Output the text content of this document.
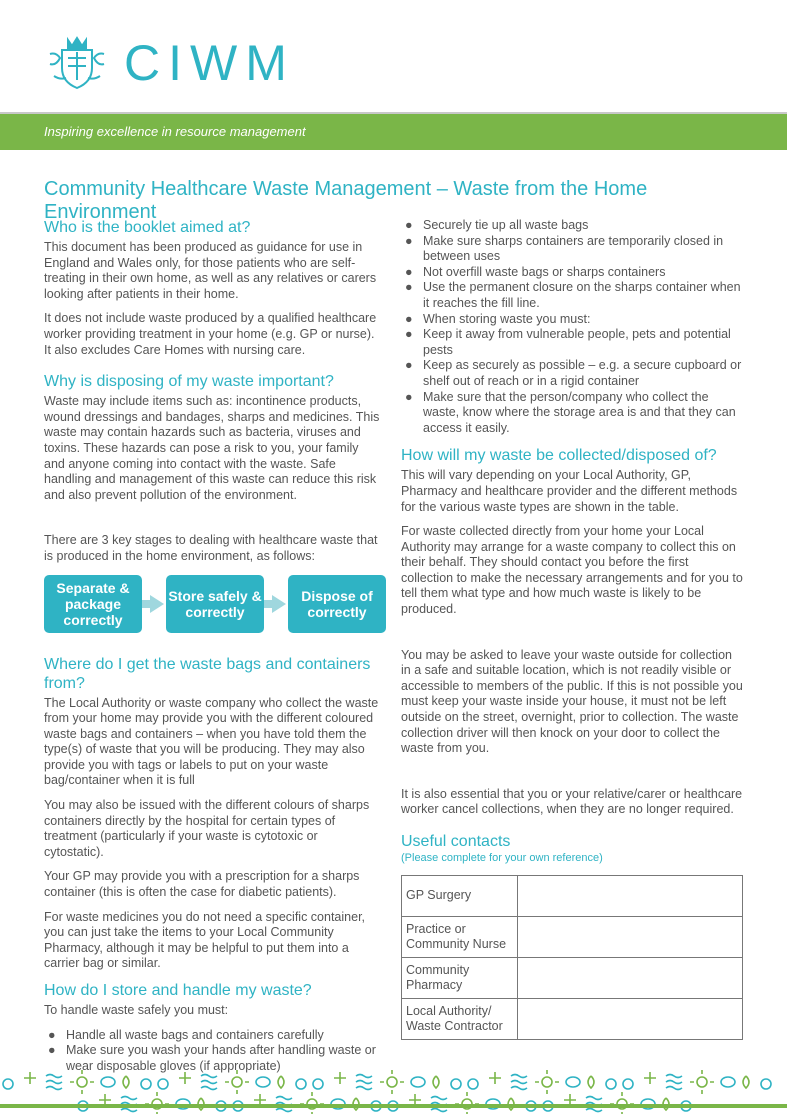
CIWM
Inspiring excellence in resource management
Community Healthcare Waste Management – Waste from the Home Environment
Who is the booklet aimed at?

This document has been produced as guidance for use in England and Wales only, for those patients who are self-treating in their own home, as well as any relatives or carers looking after patients in their home.

It does not include waste produced by a qualified healthcare worker providing treatment in your home (e.g. GP or nurse). It also excludes Care Homes with nursing care.

Why is disposing of my waste important?

Waste may include items such as: incontinence products, wound dressings and bandages, sharps and medicines. This waste may contain hazards such as bacteria, viruses and toxins. These hazards can pose a risk to you, your family and anyone coming into contact with the waste. Safe handling and management of this waste can reduce this risk and also prevent pollution of the environment.

There are 3 key stages to dealing with healthcare waste that is produced in the home environment, as follows:

Separate & package correctly
Store safely & correctly
Dispose of correctly
Where do I get the waste bags and containers from?

The Local Authority or waste company who collect the waste from your home may provide you with the different coloured waste bags and containers – when you have told them the type(s) of waste that you will be producing. They may also provide you with tags or labels to put on your waste bag/container when it is full

You may also be issued with the different colours of sharps containers directly by the hospital for certain types of treatment (particularly if your waste is cytotoxic or cytostatic).

Your GP may provide you with a prescription for a sharps container (this is often the case for diabetic patients).

For waste medicines you do not need a specific container, you can just take the items to your Local Community Pharmacy, although it may be helpful to put them into a carrier bag or similar.

How do I store and handle my waste?

To handle waste safely you must:

● Handle all waste bags and containers carefully
● Make sure you wash your hands after handling waste or wear disposable gloves (if appropriate)
● Securely tie up all waste bags
● Make sure sharps containers are temporarily closed in between uses
● Not overfill waste bags or sharps containers
● Use the permanent closure on the sharps container when it reaches the fill line.
● When storing waste you must:
● Keep it away from vulnerable people, pets and potential pests
● Keep as securely as possible – e.g. a secure cupboard or shelf out of reach or in a rigid container
● Make sure that the person/company who collect the waste, know where the storage area is and that they can access it easily.
How will my waste be collected/disposed of?

This will vary depending on your Local Authority, GP, Pharmacy and healthcare provider and the different methods for the various waste types are shown in the table.

For waste collected directly from your home your Local Authority may arrange for a waste company to collect this on their behalf. They should contact you before the first collection to make the necessary arrangements and for you to tell them what type and how much waste is likely to be produced.

You may be asked to leave your waste outside for collection in a safe and suitable location, which is not readily visible or accessible to members of the public. If this is not possible you must keep your waste inside your house, it must not be left outside on the street, overnight, prior to collection. The waste collection driver will then knock on your door to collect the waste from you.

It is also essential that you or your relative/carer or healthcare worker cancel collections, when they are no longer required.

Useful contacts
(Please complete for your own reference)
GP Surgery	
Practice or Community Nurse	
Community Pharmacy	
Local Authority/ Waste Contractor	
